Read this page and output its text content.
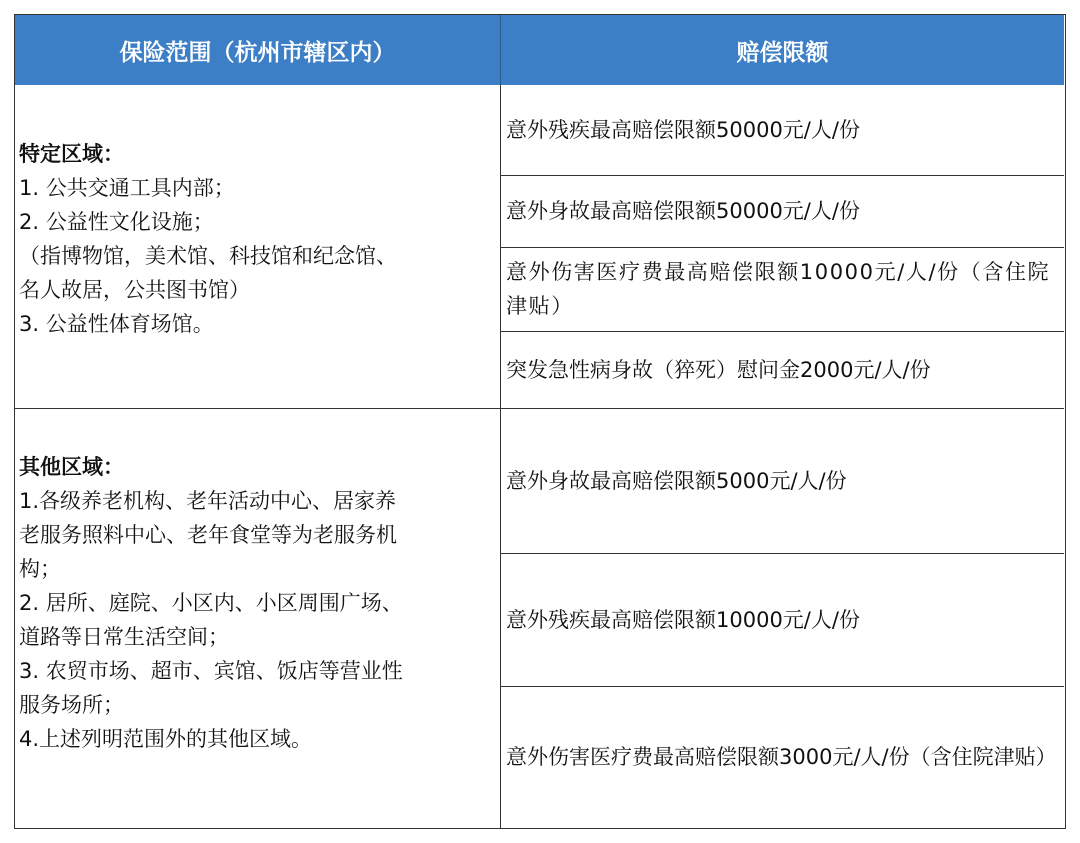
保险范围（杭州市辖区内）	赔偿限额
特定区域：
1. 公共交通工具内部；
2. 公益性文化设施；
（指博物馆，美术馆、科技馆和纪念馆、
名人故居，公共图书馆）
3. 公益性体育场馆。
意外残疾最高赔偿限额50000元/人/份
意外身故最高赔偿限额50000元/人/份
意外伤害医疗费最高赔偿限额10000元/人/份（含住院津贴）
突发急性病身故（猝死）慰问金2000元/人/份
其他区域：
1.各级养老机构、老年活动中心、居家养
老服务照料中心、老年食堂等为老服务机
构；
2. 居所、庭院、小区内、小区周围广场、
道路等日常生活空间；
3. 农贸市场、超市、宾馆、饭店等营业性
服务场所；
4.上述列明范围外的其他区域。
意外身故最高赔偿限额5000元/人/份
意外残疾最高赔偿限额10000元/人/份
意外伤害医疗费最高赔偿限额3000元/人/份（含住院津贴）
